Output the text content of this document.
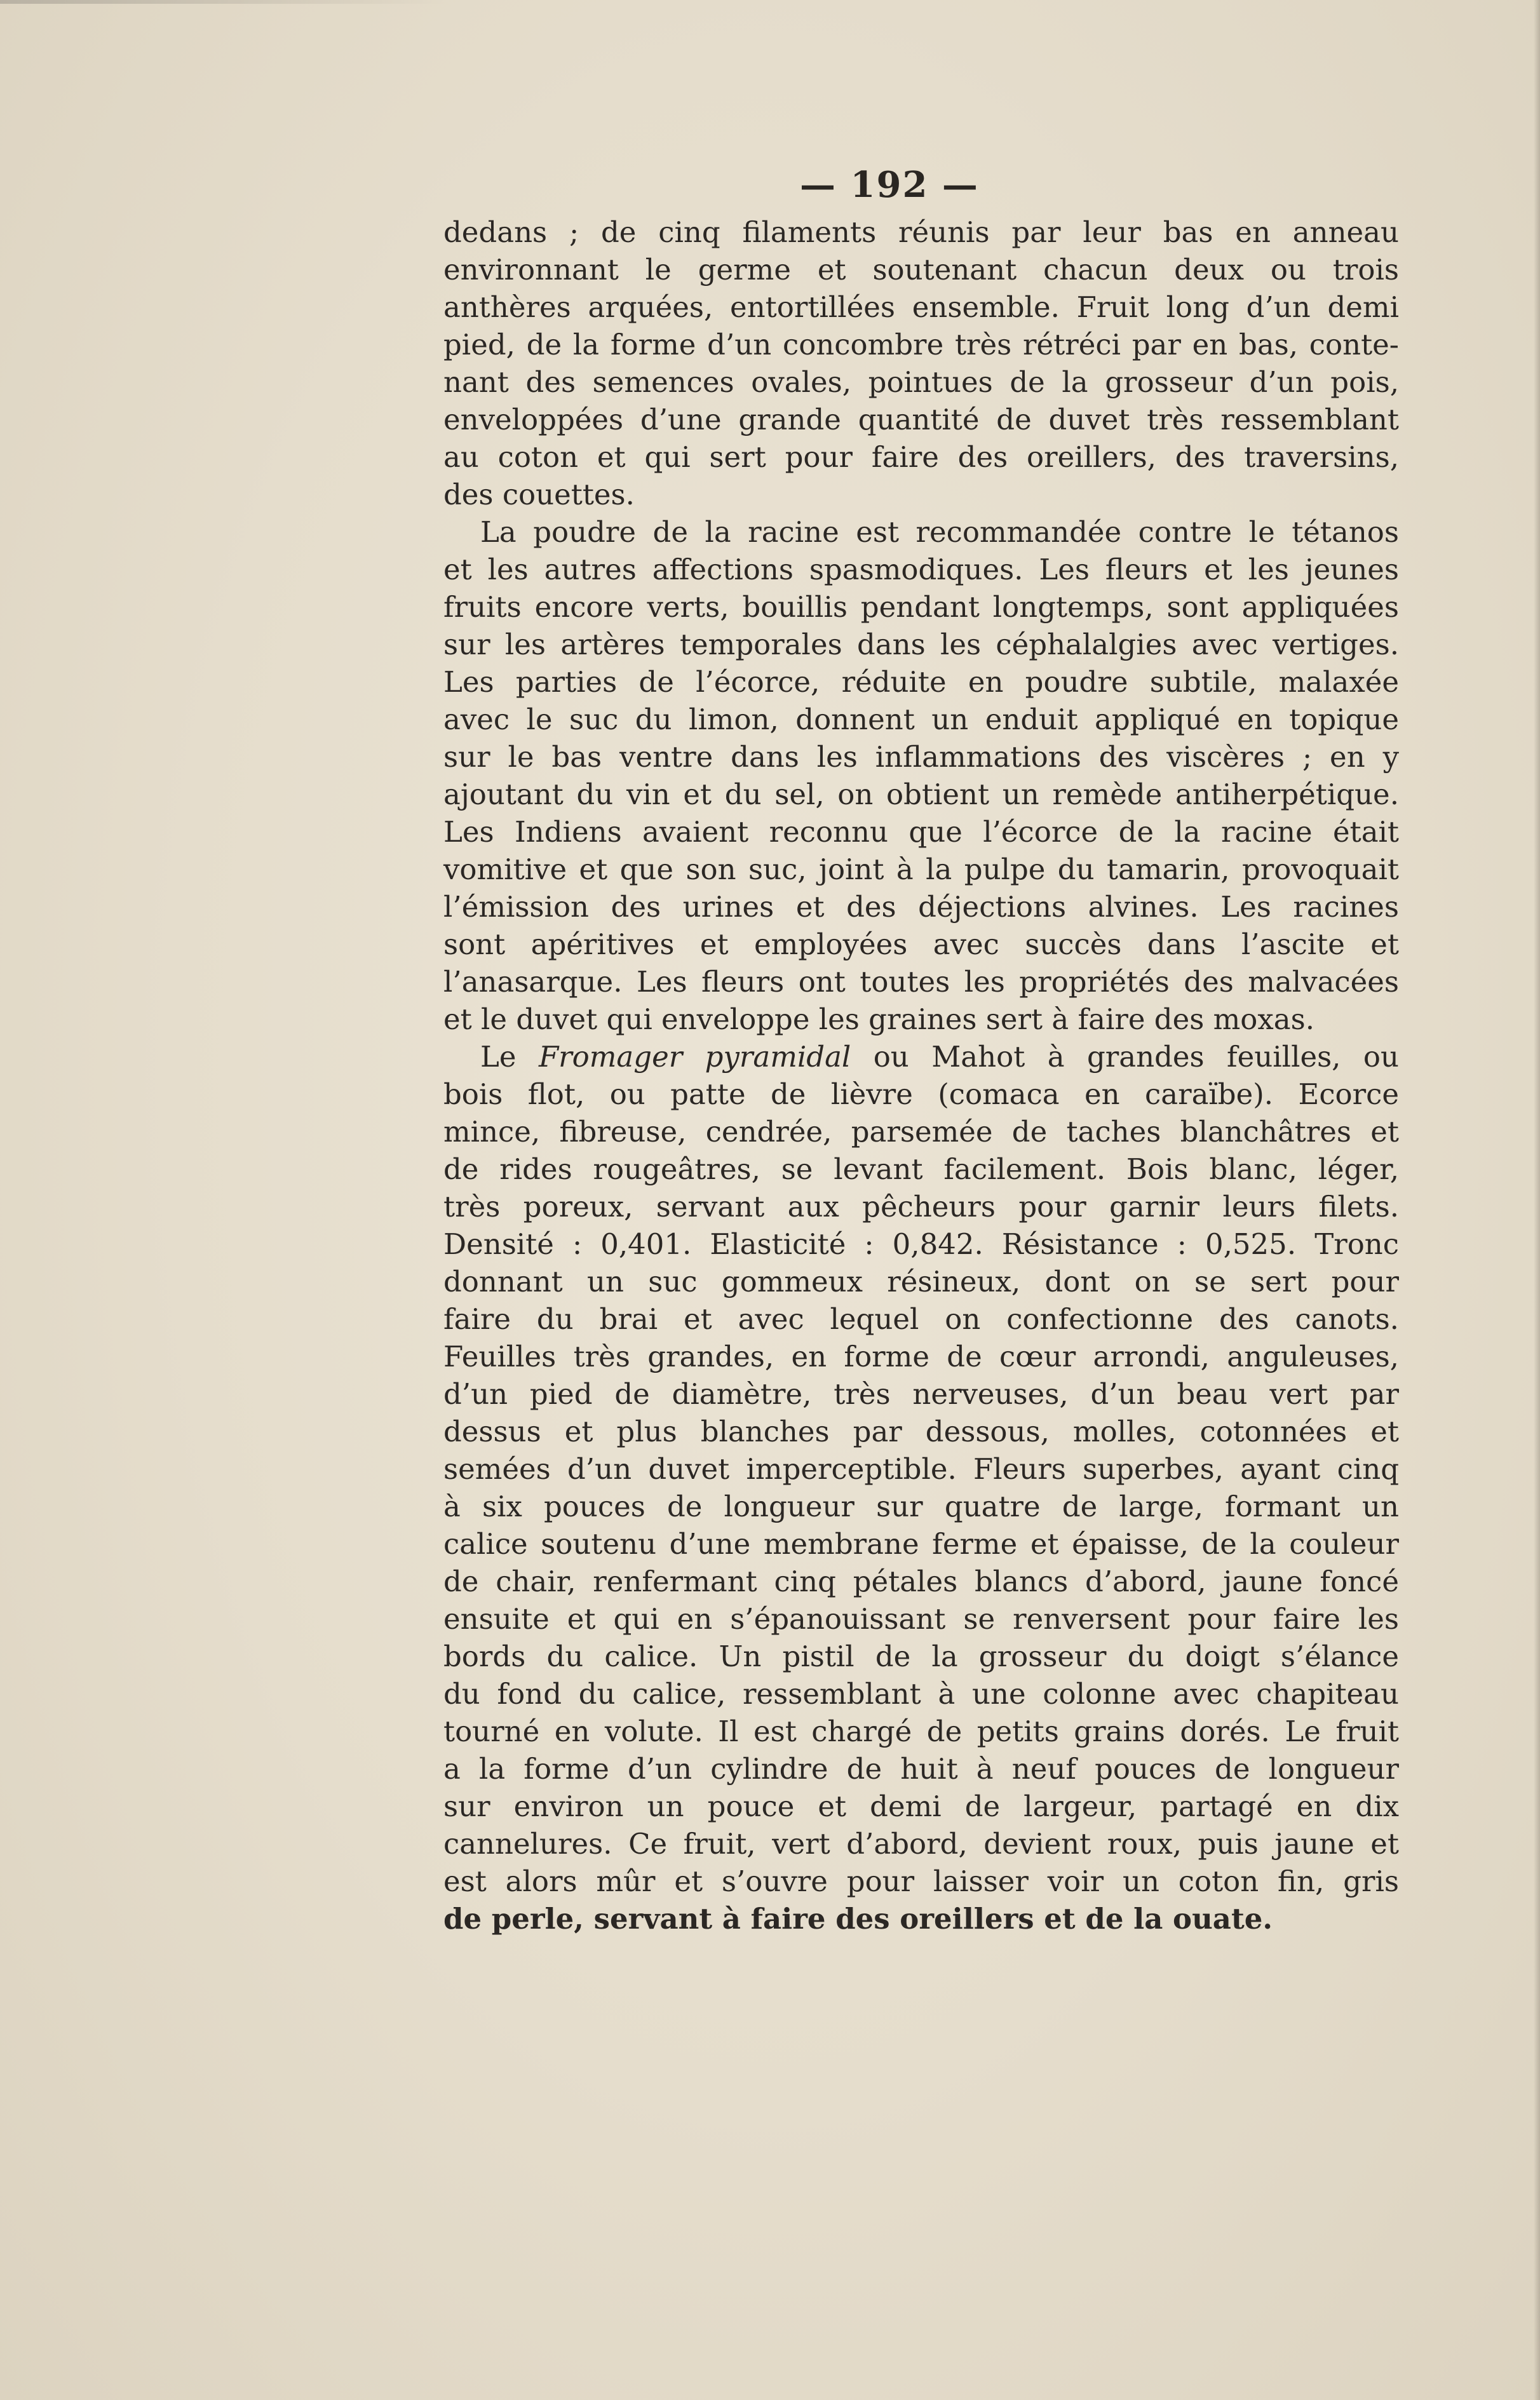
— 192 —
dedans ; de cinq filaments réunis par leur bas en anneau
environnant le germe et soutenant chacun deux ou trois
anthères arquées, entortillées ensemble. Fruit long d’un demi
pied, de la forme d’un concombre très rétréci par en bas, conte-
nant des semences ovales, pointues de la grosseur d’un pois,
enveloppées d’une grande quantité de duvet très ressemblant
au coton et qui sert pour faire des oreillers, des traversins,
des couettes.
La poudre de la racine est recommandée contre le tétanos
et les autres affections spasmodiques. Les fleurs et les jeunes
fruits encore verts, bouillis pendant longtemps, sont appliquées
sur les artères temporales dans les céphalalgies avec vertiges.
Les parties de l’écorce, réduite en poudre subtile, malaxée
avec le suc du limon, donnent un enduit appliqué en topique
sur le bas ventre dans les inflammations des viscères ; en y
ajoutant du vin et du sel, on obtient un remède antiherpétique.
Les Indiens avaient reconnu que l’écorce de la racine était
vomitive et que son suc, joint à la pulpe du tamarin, provoquait
l’émission des urines et des déjections alvines. Les racines
sont apéritives et employées avec succès dans l’ascite et
l’anasarque. Les fleurs ont toutes les propriétés des malvacées
et le duvet qui enveloppe les graines sert à faire des moxas.
Le Fromager pyramidal ou Mahot à grandes feuilles, ou
bois flot, ou patte de lièvre (comaca en caraïbe). Ecorce
mince, fibreuse, cendrée, parsemée de taches blanchâtres et
de rides rougeâtres, se levant facilement. Bois blanc, léger,
très poreux, servant aux pêcheurs pour garnir leurs filets.
Densité : 0,401. Elasticité : 0,842. Résistance : 0,525. Tronc
donnant un suc gommeux résineux, dont on se sert pour
faire du brai et avec lequel on confectionne des canots.
Feuilles très grandes, en forme de cœur arrondi, anguleuses,
d’un pied de diamètre, très nerveuses, d’un beau vert par
dessus et plus blanches par dessous, molles, cotonnées et
semées d’un duvet imperceptible. Fleurs superbes, ayant cinq
à six pouces de longueur sur quatre de large, formant un
calice soutenu d’une membrane ferme et épaisse, de la couleur
de chair, renfermant cinq pétales blancs d’abord, jaune foncé
ensuite et qui en s’épanouissant se renversent pour faire les
bords du calice. Un pistil de la grosseur du doigt s’élance
du fond du calice, ressemblant à une colonne avec chapiteau
tourné en volute. Il est chargé de petits grains dorés. Le fruit
a la forme d’un cylindre de huit à neuf pouces de longueur
sur environ un pouce et demi de largeur, partagé en dix
cannelures. Ce fruit, vert d’abord, devient roux, puis jaune et
est alors mûr et s’ouvre pour laisser voir un coton fin, gris
de perle, servant à faire des oreillers et de la ouate.
